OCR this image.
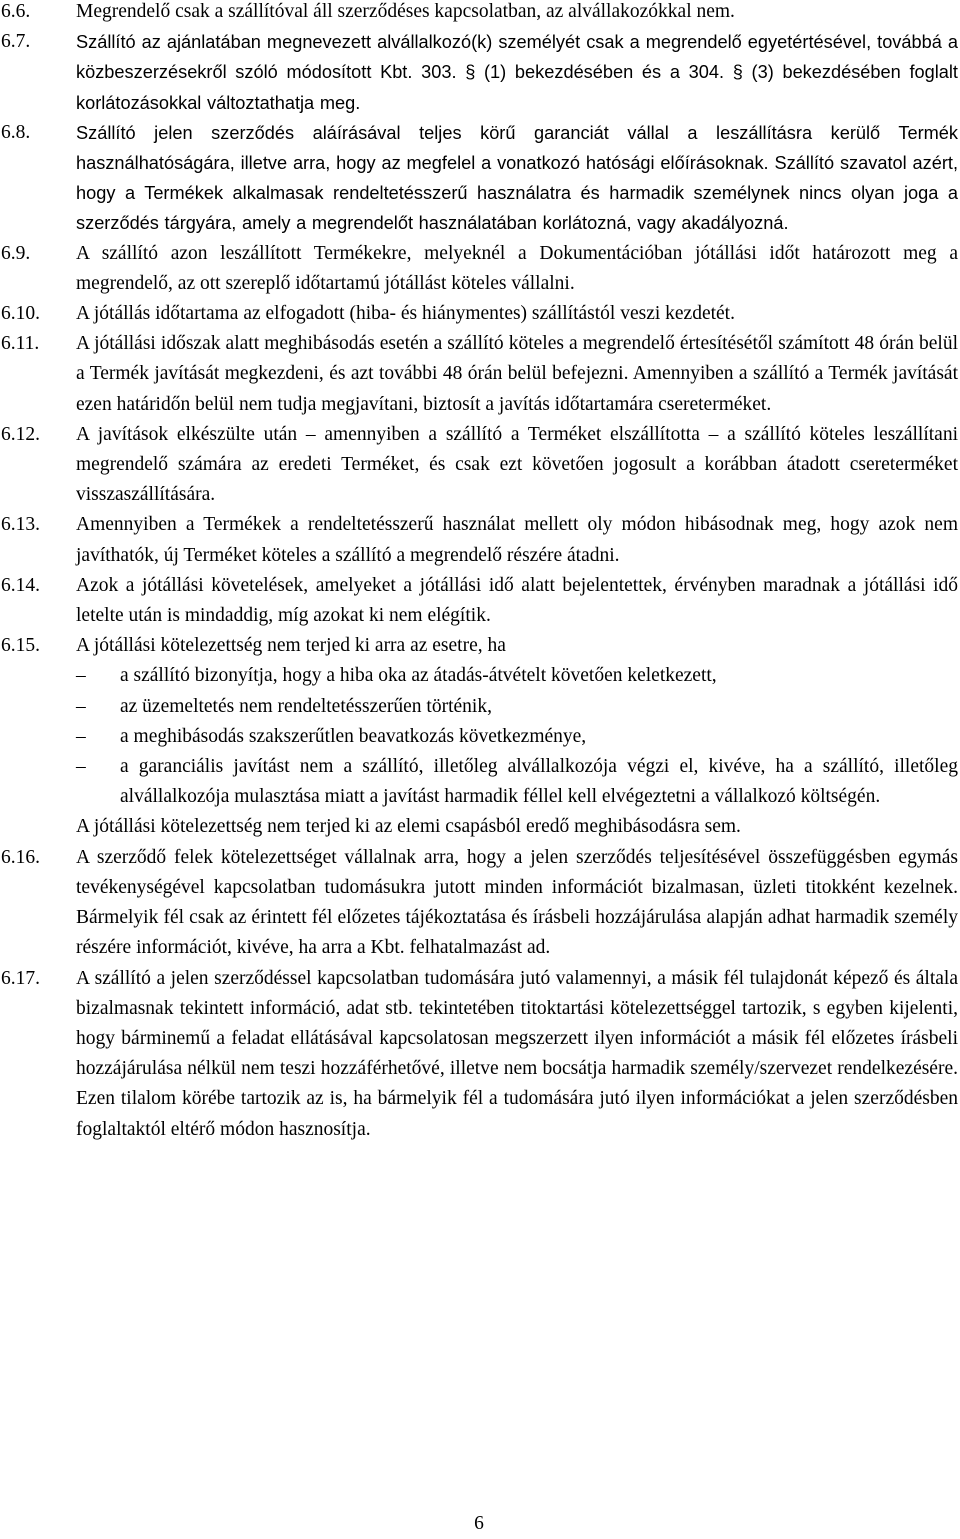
6.6. Megrendelő csak a szállítóval áll szerződéses kapcsolatban, az alvállakozókkal nem.
6.7.	Szállító az ajánlatában megnevezett alvállalkozó(k) személyét csak a megrendelő egyetértésével, továbbá a közbeszerzésekről szóló módosított Kbt. 303. § (1) bekezdésében és a 304. § (3) bekezdésében foglalt korlátozásokkal változtathatja meg.
6.8.	Szállító jelen szerződés aláírásával teljes körű garanciát vállal a leszállításra kerülő Termék használhatóságára, illetve arra, hogy az megfelel a vonatkozó hatósági előírásoknak. Szállító szavatol azért, hogy a Termékek alkalmasak rendeltetésszerű használatra és harmadik személynek nincs olyan joga a szerződés tárgyára, amely a megrendelőt használatában korlátozná, vagy akadályozná.
6.9. A szállító azon leszállított Termékekre, melyeknél a Dokumentációban jótállási időt határozott meg a megrendelő, az ott szereplő időtartamú jótállást köteles vállalni.
6.10. A jótállás időtartama az elfogadott (hiba- és hiánymentes) szállítástól veszi kezdetét.
6.11. A jótállási időszak alatt meghibásodás esetén a szállító köteles a megrendelő értesítésétől számított 48 órán belül a Termék javítását megkezdeni, és azt további 48 órán belül befejezni. Amennyiben a szállító a Termék javítását ezen határidőn belül nem tudja megjavítani, biztosít a javítás időtartamára csereterméket.
6.12. A javítások elkészülte után – amennyiben a szállító a Terméket elszállította – a szállító köteles leszállítani megrendelő számára az eredeti Terméket, és csak ezt követően jogosult a korábban átadott csereterméket visszaszállítására.
6.13. Amennyiben a Termékek a rendeltetésszerű használat mellett oly módon hibásodnak meg, hogy azok nem javíthatók, új Terméket köteles a szállító a megrendelő részére átadni.
6.14. Azok a jótállási követelések, amelyeket a jótállási idő alatt bejelentettek, érvényben maradnak a jótállási idő letelte után is mindaddig, míg azokat ki nem elégítik.
6.15. A jótállási kötelezettség nem terjed ki arra az esetre, ha
– a szállító bizonyítja, hogy a hiba oka az átadás-átvételt követően keletkezett,
– az üzemeltetés nem rendeltetésszerűen történik,
– a meghibásodás szakszerűtlen beavatkozás következménye,
– a garanciális javítást nem a szállító, illetőleg alvállalkozója végzi el, kivéve, ha a szállító, illetőleg alvállalkozója mulasztása miatt a javítást harmadik féllel kell elvégeztetni a vállalkozó költségén.
A jótállási kötelezettség nem terjed ki az elemi csapásból eredő meghibásodásra sem.
6.16. A szerződő felek kötelezettséget vállalnak arra, hogy a jelen szerződés teljesítésével összefüggésben egymás tevékenységével kapcsolatban tudomásukra jutott minden információt bizalmasan, üzleti titokként kezelnek. Bármelyik fél csak az érintett fél előzetes tájékoztatása és írásbeli hozzájárulása alapján adhat harmadik személy részére információt, kivéve, ha arra a Kbt. felhatalmazást ad.
6.17. A szállító a jelen szerződéssel kapcsolatban tudomására jutó valamennyi, a másik fél tulajdonát képező és általa bizalmasnak tekintett információ, adat stb. tekintetében titoktartási kötelezettséggel tartozik, s egyben kijelenti, hogy bárminemű a feladat ellátásával kapcsolatosan megszerzett ilyen információt a másik fél előzetes írásbeli hozzájárulása nélkül nem teszi hozzáférhetővé, illetve nem bocsátja harmadik személy/szervezet rendelkezésére. Ezen tilalom körébe tartozik az is, ha bármelyik fél a tudomására jutó ilyen információkat a jelen szerződésben foglaltaktól eltérő módon hasznosítja.
6
